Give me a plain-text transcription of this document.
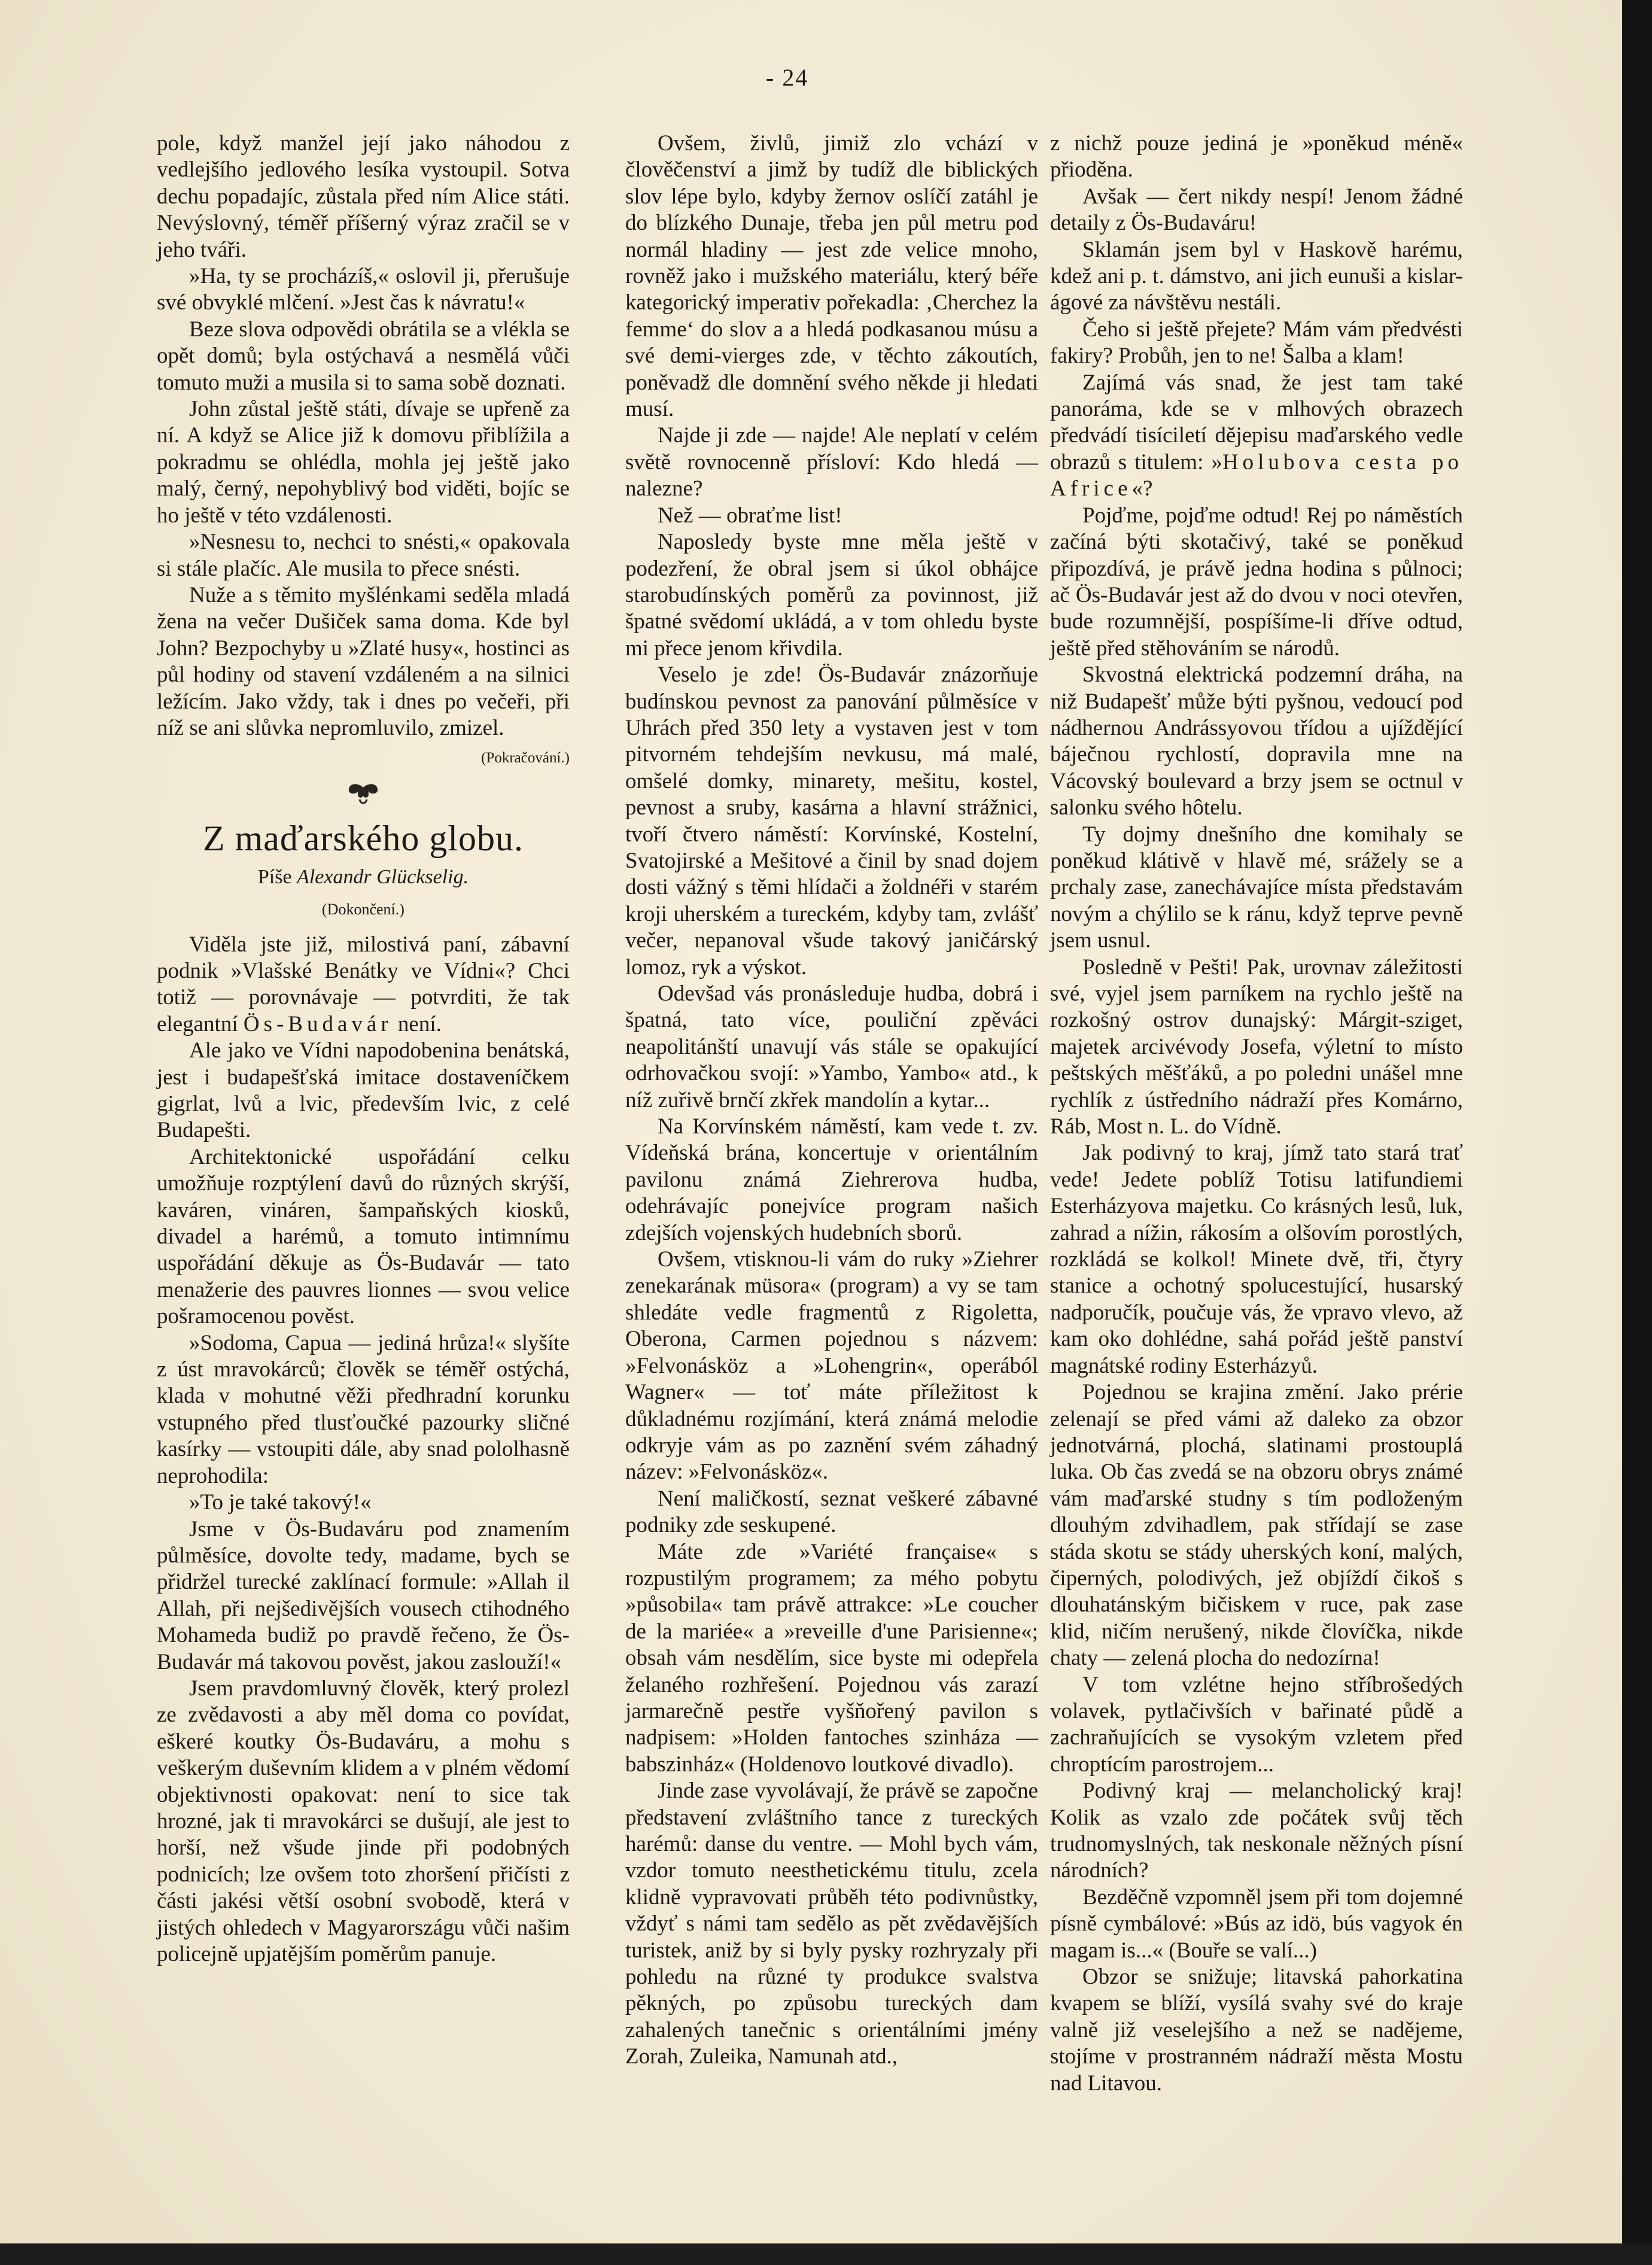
- 24

pole, když manžel její jako náhodou z vedlejšího jedlového lesíka vystoupil. Sotva dechu popadajíc, zůstala před ním Alice státi. Nevýslovný, téměř příšerný výraz zračil se v jeho tváři.

»Ha, ty se procházíš,« oslovil ji, přerušuje své obvyklé mlčení. »Jest čas k návratu!«

Beze slova odpovědi obrátila se a vlékla se opět domů; byla ostýchavá a nesmělá vůči tomuto muži a musila si to sama sobě doznati.

John zůstal ještě státi, dívaje se upřeně za ní. A když se Alice již k domovu přiblížila a pokradmu se ohlédla, mohla jej ještě jako malý, černý, nepohyblivý bod viděti, bojíc se ho ještě v této vzdálenosti.

»Nesnesu to, nechci to snésti,« opakovala si stále plačíc. Ale musila to přece snésti.

Nuže a s těmito myšlénkami seděla mladá žena na večer Dušiček sama doma. Kde byl John? Bezpochyby u »Zlaté husy«, hostinci as půl hodiny od stavení vzdáleném a na silnici ležícím. Jako vždy, tak i dnes po večeři, při níž se ani slůvka nepromluvilo, zmizel.

(Pokračování.)
Z maďarského globu.
Píše Alexandr Glückselig.
(Dokončení.)

Viděla jste již, milostivá paní, zábavní podnik »Vlašské Benátky ve Vídni«? Chci totiž — porovnávaje — potvrditi, že tak elegantní Ös-Budavár není.

Ale jako ve Vídni napodobenina benátská, jest i budapešťská imitace dostaveníčkem gigrlat, lvů a lvic, především lvic, z celé Budapešti.

Architektonické uspořádání celku umožňuje rozptýlení davů do různých skrýší, kaváren, vináren, šampaňských kiosků, divadel a harémů, a tomuto intimnímu uspořádání děkuje as Ös-Budavár — tato menažerie des pauvres lionnes — svou velice pošramocenou pověst.

»Sodoma, Capua — jediná hrůza!« slyšíte z úst mravokárců; člověk se téměř ostýchá, klada v mohutné věži předhradní korunku vstupného před tlusťoučké pazourky sličné kasírky — vstoupiti dále, aby snad pololhasně neprohodila:

»To je také takový!«

Jsme v Ös-Budaváru pod znamením půlměsíce, dovolte tedy, madame, bych se přidržel turecké zaklínací formule: »Allah il Allah, při nejšedivějších vousech ctihodného Mohameda budiž po pravdě řečeno, že Ös-Budavár má takovou pověst, jakou zaslouží!«

Jsem pravdomluvný člověk, který prolezl ze zvědavosti a aby měl doma co povídat, eškeré koutky Ös-Budaváru, a mohu s veškerým duševním klidem a v plném vědomí objektivnosti opakovat: není to sice tak hrozné, jak ti mravokárci se dušují, ale jest to horší, než všude jinde při podobných podnicích; lze ovšem toto zhoršení přičísti z části jakési větší osobní svobodě, která v jistých ohledech v Magyarországu vůči našim policejně upjatějším poměrům panuje.

Ovšem, živlů, jimiž zlo vchází v člověčenství a jimž by tudíž dle biblických slov lépe bylo, kdyby žernov oslíčí zatáhl je do blízkého Dunaje, třeba jen půl metru pod normál hladiny — jest zde velice mnoho, rovněž jako i mužského materiálu, který béře kategorický imperativ pořekadla: ‚Cherchez la femme‘ do slov a a hledá podkasanou músu a své demi-vierges zde, v těchto zákoutích, poněvadž dle domnění svého někde ji hledati musí.

Najde ji zde — najde! Ale neplatí v celém světě rovnocenně přísloví: Kdo hledá — nalezne?

Než — obraťme list!

Naposledy byste mne měla ještě v podezření, že obral jsem si úkol obhájce starobudínských poměrů za povinnost, již špatné svědomí ukládá, a v tom ohledu byste mi přece jenom křivdila.

Veselo je zde! Ös-Budavár znázorňuje budínskou pevnost za panování půlměsíce v Uhrách před 350 lety a vystaven jest v tom pitvorném tehdejším nevkusu, má malé, omšelé domky, minarety, mešitu, kostel, pevnost a sruby, kasárna a hlavní strážnici, tvoří čtvero náměstí: Korvínské, Kostelní, Svatojirské a Mešitové a činil by snad dojem dosti vážný s těmi hlídači a žoldnéři v starém kroji uherském a tureckém, kdyby tam, zvlášť večer, nepanoval všude takový janičárský lomoz, ryk a výskot.

Odevšad vás pronásleduje hudba, dobrá i špatná, tato více, pouliční zpěváci neapolitánští unavují vás stále se opakující odrhovačkou svojí: »Yambo, Yambo« atd., k níž zuřivě brnčí zkřek mandolín a kytar...

Na Korvínském náměstí, kam vede t. zv. Vídeňská brána, koncertuje v orientálním pavilonu známá Ziehrerova hudba, odehrávajíc ponejvíce program našich zdejších vojenských hudebních sborů.

Ovšem, vtisknou-li vám do ruky »Ziehrer zenekarának müsora« (program) a vy se tam shledáte vedle fragmentů z Rigoletta, Oberona, Carmen pojednou s názvem: »Felvonásköz a »Lohengrin«, operából Wagner« — toť máte příležitost k důkladnému rozjímání, která známá melodie odkryje vám as po zaznění svém záhadný název: »Felvonásköz«.

Není maličkostí, seznat veškeré zábavné podniky zde seskupené.

Máte zde »Variété française« s rozpustilým programem; za mého pobytu »působila« tam právě attrakce: »Le coucher de la mariée« a »reveille d'une Parisienne«; obsah vám nesdělím, sice byste mi odepřela želaného rozhřešení. Pojednou vás zarazí jarmarečně pestře vyšňořený pavilon s nadpisem: »Holden fantoches szinháza — babszinház« (Holdenovo loutkové divadlo).

Jinde zase vyvolávají, že právě se započne představení zvláštního tance z tureckých harémů: danse du ventre. — Mohl bych vám, vzdor tomuto neesthetickému titulu, zcela klidně vypravovati průběh této podivnůstky, vždyť s námi tam sedělo as pět zvědavějších turistek, aniž by si byly pysky rozhryzaly při pohledu na různé ty produkce svalstva pěkných, po způsobu tureckých dam zahalených tanečnic s orientálními jmény Zorah, Zuleika, Namunah atd.,

z nichž pouze jediná je »poněkud méně« přioděna.

Avšak — čert nikdy nespí! Jenom žádné detaily z Ös-Budaváru!

Sklamán jsem byl v Haskově harému, kdež ani p. t. dámstvo, ani jich eunuši a kislar-ágové za návštěvu nestáli.

Čeho si ještě přejete? Mám vám předvésti fakiry? Probůh, jen to ne! Šalba a klam!

Zajímá vás snad, že jest tam také panoráma, kde se v mlhových obrazech předvádí tisíciletí dějepisu maďarského vedle obrazů s titulem: »Holubova cesta po Africe«?

Pojďme, pojďme odtud! Rej po náměstích začíná býti skotačivý, také se poněkud připozdívá, je právě jedna hodina s půlnoci; ač Ös-Budavár jest až do dvou v noci otevřen, bude rozumnější, pospíšíme-li dříve odtud, ještě před stěhováním se národů.

Skvostná elektrická podzemní dráha, na niž Budapešť může býti pyšnou, vedoucí pod nádhernou Andrássyovou třídou a ujíždějící báječnou rychlostí, dopravila mne na Vácovský boulevard a brzy jsem se octnul v salonku svého hôtelu.

Ty dojmy dnešního dne komihaly se poněkud klátivě v hlavě mé, srážely se a prchaly zase, zanechávajíce místa představám novým a chýlilo se k ránu, když teprve pevně jsem usnul.

Posledně v Pešti! Pak, urovnav záležitosti své, vyjel jsem parníkem na rychlo ještě na rozkošný ostrov dunajský: Márgit-sziget, majetek arcivévody Josefa, výletní to místo peštských měšťáků, a po poledni unášel mne rychlík z ústředního nádraží přes Komárno, Ráb, Most n. L. do Vídně.

Jak podivný to kraj, jímž tato stará trať vede! Jedete poblíž Totisu latifundiemi Esterházyova majetku. Co krásných lesů, luk, zahrad a nížin, rákosím a olšovím porostlých, rozkládá se kolkol! Minete dvě, tři, čtyry stanice a ochotný spolucestující, husarský nadporučík, poučuje vás, že vpravo vlevo, až kam oko dohlédne, sahá pořád ještě panství magnátské rodiny Esterházyů.

Pojednou se krajina změní. Jako prérie zelenají se před vámi až daleko za obzor jednotvárná, plochá, slatinami prostouplá luka. Ob čas zvedá se na obzoru obrys známé vám maďarské studny s tím podloženým dlouhým zdvihadlem, pak střídají se zase stáda skotu se stády uherských koní, malých, čiperných, polodivých, jež objíždí čikoš s dlouhatánským bičiskem v ruce, pak zase klid, ničím nerušený, nikde človíčka, nikde chaty — zelená plocha do nedozírna!

V tom vzlétne hejno stříbrošedých volavek, pytlačivších v bařinaté půdě a zachraňujících se vysokým vzletem před chroptícím parostrojem...

Podivný kraj — melancholický kraj! Kolik as vzalo zde počátek svůj těch trudnomyslných, tak neskonale něžných písní národních?

Bezděčně vzpomněl jsem při tom dojemné písně cymbálové: »Bús az idö, bús vagyok én magam is...« (Bouře se valí...)

Obzor se snižuje; litavská pahorkatina kvapem se blíží, vysílá svahy své do kraje valně již veselejšího a než se nadějeme, stojíme v prostranném nádraží města Mostu nad Litavou.
